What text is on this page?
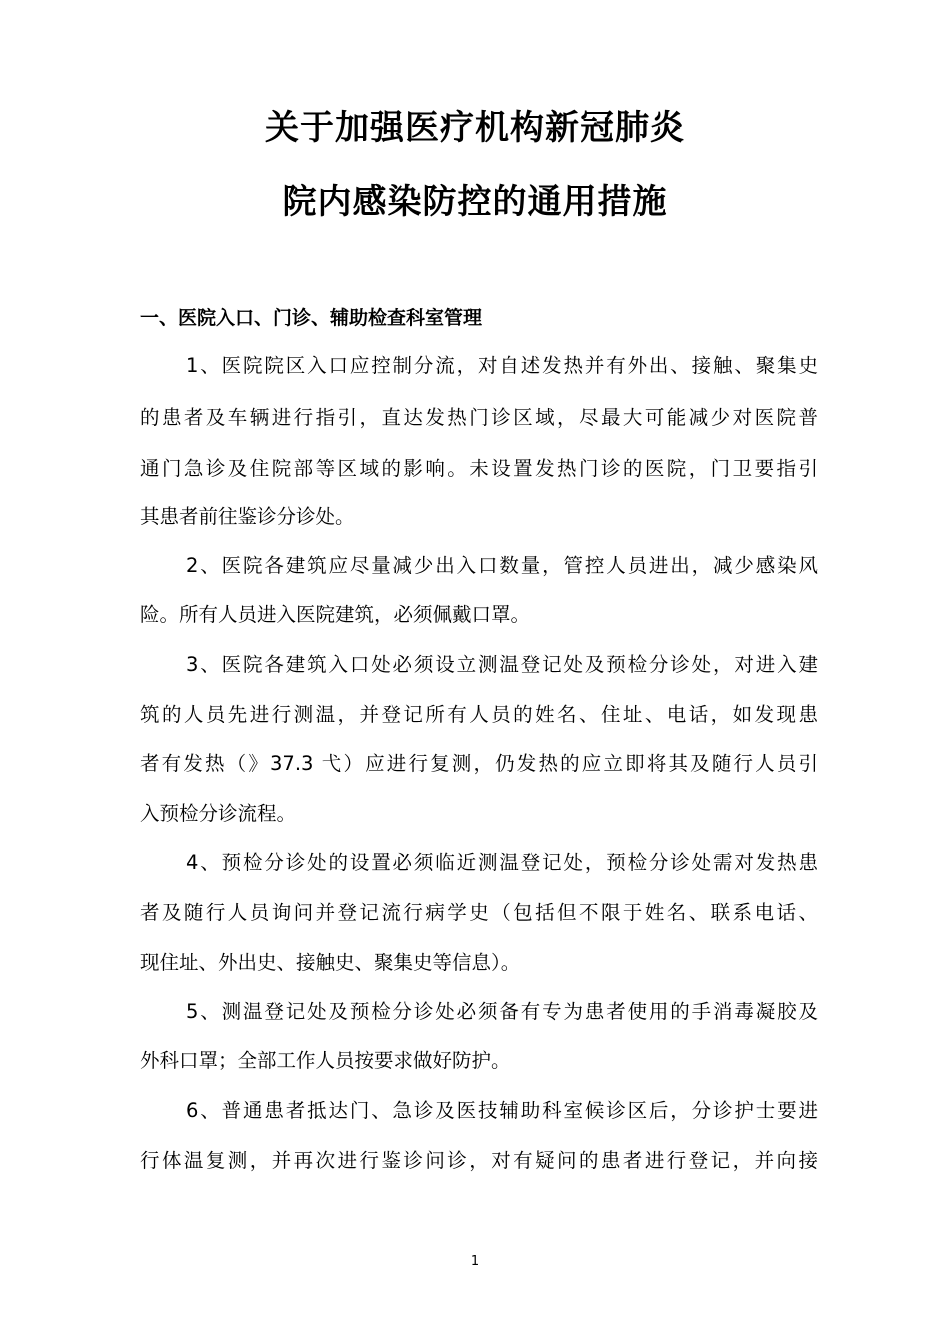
关于加强医疗机构新冠肺炎
院内感染防控的通用措施
一、医院入口、门诊、辅助检查科室管理
1、医院院区入口应控制分流，对自述发热并有外出、接触、聚集史
的患者及车辆进行指引，直达发热门诊区域，尽最大可能减少对医院普
通门急诊及住院部等区域的影响。未设置发热门诊的医院，门卫要指引
其患者前往鉴诊分诊处。
2、医院各建筑应尽量减少出入口数量，管控人员进出，减少感染风
险。所有人员进入医院建筑，必须佩戴口罩。
3、医院各建筑入口处必须设立测温登记处及预检分诊处，对进入建
筑的人员先进行测温，并登记所有人员的姓名、住址、电话，如发现患
者有发热（》37.3 弋）应进行复测，仍发热的应立即将其及随行人员引
入预检分诊流程。
4、预检分诊处的设置必须临近测温登记处，预检分诊处需对发热患
者及随行人员询问并登记流行病学史（包括但不限于姓名、联系电话、
现住址、外出史、接触史、聚集史等信息）。
5、测温登记处及预检分诊处必须备有专为患者使用的手消毒凝胶及
外科口罩；全部工作人员按要求做好防护。
6、普通患者抵达门、急诊及医技辅助科室候诊区后，分诊护士要进
行体温复测，并再次进行鉴诊问诊，对有疑问的患者进行登记，并向接
1
